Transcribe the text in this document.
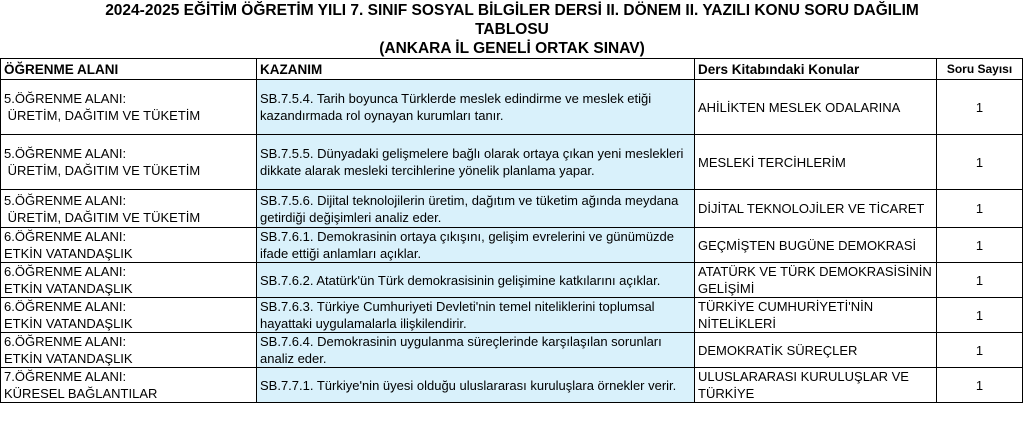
2024-2025 EĞİTİM ÖĞRETİM YILI 7. SINIF SOSYAL BİLGİLER DERSİ II. DÖNEM II. YAZILI KONU SORU DAĞILIM
TABLOSU
(ANKARA İL GENELİ ORTAK SINAV)
ÖĞRENME ALANI	KAZANIM	Ders Kitabındaki Konular	Soru Sayısı

5.ÖĞRENME ALANI:
ÜRETİM, DAĞITIM VE TÜKETİM	SB.7.5.4. Tarih boyunca Türklerde meslek edindirme ve meslek etiği kazandırmada rol oynayan kurumları tanır.	AHİLİKTEN MESLEK ODALARINA	1

5.ÖĞRENME ALANI:
ÜRETİM, DAĞITIM VE TÜKETİM	SB.7.5.5. Dünyadaki gelişmelere bağlı olarak ortaya çıkan yeni meslekleri dikkate alarak mesleki tercihlerine yönelik planlama yapar.	MESLEKİ TERCİHLERİM	1

5.ÖĞRENME ALANI:
ÜRETİM, DAĞITIM VE TÜKETİM	SB.7.5.6. Dijital teknolojilerin üretim, dağıtım ve tüketim ağında meydana getirdiği değişimleri analiz eder.	DİJİTAL TEKNOLOJİLER VE TİCARET	1

6.ÖĞRENME ALANI:
ETKİN VATANDAŞLIK	SB.7.6.1. Demokrasinin ortaya çıkışını, gelişim evrelerini ve günümüzde ifade ettiği anlamları açıklar.	GEÇMİŞTEN BUGÜNE DEMOKRASİ	1

6.ÖĞRENME ALANI:
ETKİN VATANDAŞLIK	SB.7.6.2. Atatürk'ün Türk demokrasisinin gelişimine katkılarını açıklar.	ATATÜRK VE TÜRK DEMOKRASİSİNİN GELİŞİMİ	1

6.ÖĞRENME ALANI:
ETKİN VATANDAŞLIK	SB.7.6.3. Türkiye Cumhuriyeti Devleti'nin temel niteliklerini toplumsal hayattaki uygulamalarla ilişkilendirir.	TÜRKİYE CUMHURİYETİ'NİN NİTELİKLERİ	1

6.ÖĞRENME ALANI:
ETKİN VATANDAŞLIK	SB.7.6.4. Demokrasinin uygulanma süreçlerinde karşılaşılan sorunları analiz eder.	DEMOKRATİK SÜREÇLER	1

7.ÖĞRENME ALANI:
KÜRESEL BAĞLANTILAR	SB.7.7.1. Türkiye'nin üyesi olduğu uluslararası kuruluşlara örnekler verir.	ULUSLARARASI KURULUŞLAR VE TÜRKİYE	1
